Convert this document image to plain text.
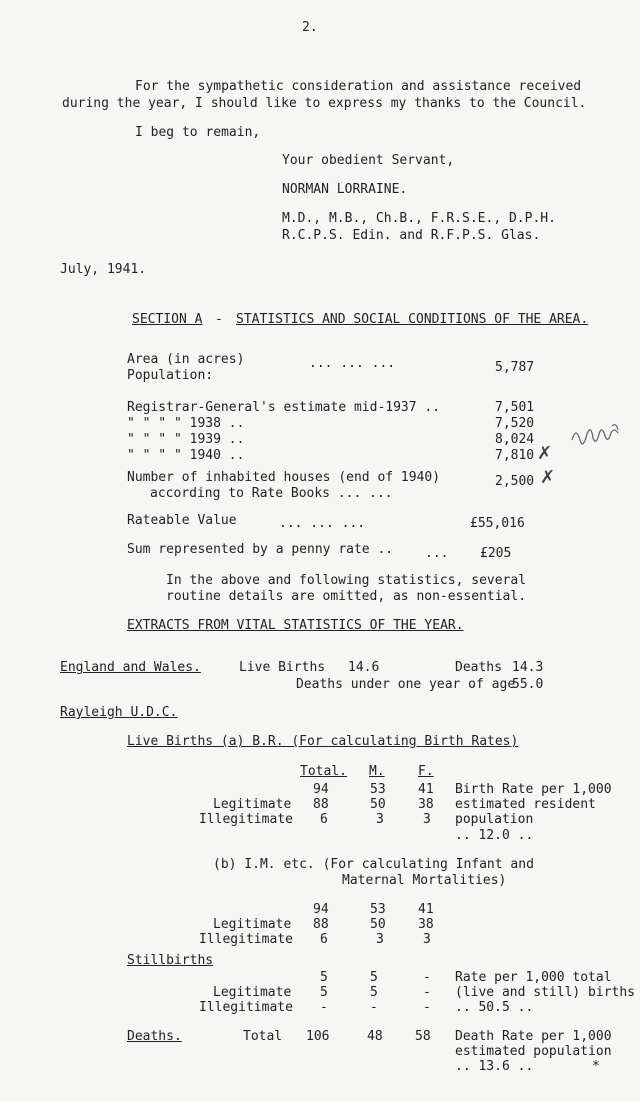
2.
For the sympathetic consideration and assistance received
during the year, I should like to express my thanks to the Council.
I beg to remain,
Your obedient Servant,
NORMAN LORRAINE.
M.D., M.B., Ch.B., F.R.S.E., D.P.H.
R.C.P.S. Edin. and R.F.P.S. Glas.
July, 1941.
SECTION A - STATISTICS AND SOCIAL CONDITIONS OF THE AREA.
Area (in acres)	... ... ...	5,787
Population:
Registrar-General's estimate mid-1937 ..	7,501
" " " " 1938 ..	7,520
" " " " 1939 ..	8,024
" " " " 1940 ..	7,810 ✗
Number of inhabited houses (end of 1940)
according to Rate Books ... ...
2,500 ✗
Rateable Value	... ... ...	£55,016
Sum represented by a penny rate .. ... £205
In the above and following statistics, several
routine details are omitted, as non-essential.
EXTRACTS FROM VITAL STATISTICS OF THE YEAR.
England and Wales.	Live Births 14.6	Deaths 14.3
Deaths under one year of age
55.0
Rayleigh U.D.C.
Live Births (a) B.R. (For calculating Birth Rates)
Total. M.	F.
94	53 41
Legitimate 88	50 38
Illegitimate 6	3	3
Birth Rate per 1,000
estimated resident
population
.. 12.0 ..
(b) I.M. etc. (For calculating Infant and
Maternal Mortalities)
94	53 41
Legitimate 88	50 38
Illegitimate 6	3	3
Stillbirths
5	5	-
Legitimate 5	5	-
Illegitimate -	-	-
Rate per 1,000 total
(live and still) births
.. 50.5 ..
Deaths.	Total 106	48 58 Death Rate per 1,000
estimated population
.. 13.6 ..	*
